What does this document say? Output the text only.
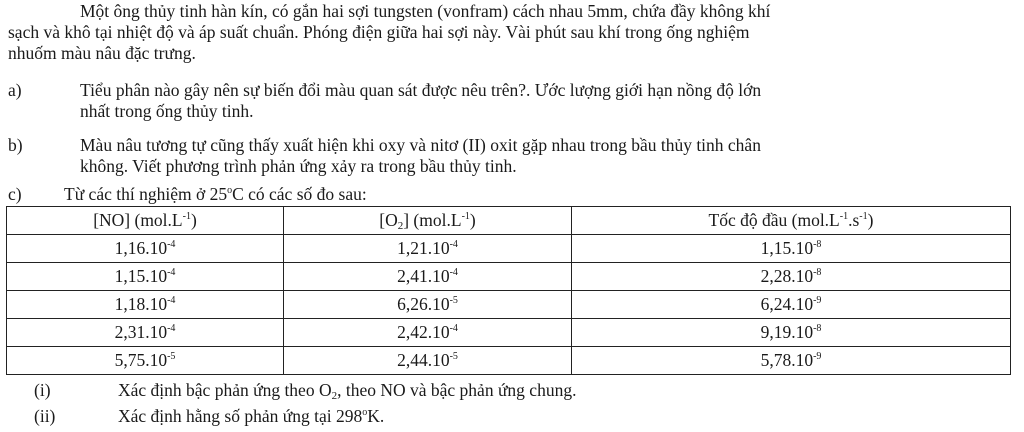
Một ông thủy tinh hàn kín, có gắn hai sợi tungsten (vonfram) cách nhau 5mm, chứa đầy không khí
sạch và khô tại nhiệt độ và áp suất chuẩn. Phóng điện giữa hai sợi này. Vài phút sau khí trong ống nghiệm
nhuốm màu nâu đặc trưng.
a)	Tiểu phân nào gây nên sự biến đổi màu quan sát được nêu trên?. Ước lượng giới hạn nồng độ lớn
nhất trong ống thủy tinh.
b)	Màu nâu tương tự cũng thấy xuất hiện khi oxy và nitơ (II) oxit gặp nhau trong bầu thủy tinh chân
không. Viết phương trình phản ứng xảy ra trong bầu thủy tinh.
c) Từ các thí nghiệm ở 25$^o$C có các số đo sau:
[NO] $(mol.L^{-1})$	$[O_2]$ $(mol.L^{-1})$	Tốc độ đầu $(mol.L^{-1}.s^{-1})$
$1,16.10^{-4}$	$1,21.10^{-4}$	$1,15.10^{-8}$
$1,15.10^{-4}$	$2,41.10^{-4}$	$2,28.10^{-8}$
$1,18.10^{-4}$	$6,26.10^{-5}$	$6,24.10^{-9}$
$2,31.10^{-4}$	$2,42.10^{-4}$	$9,19.10^{-8}$
$5,75.10^{-5}$	$2,44.10^{-5}$	$5,78.10^{-9}$
(i)	Xác định bậc phản ứng theo $O_2$, theo NO và bậc phản ứng chung.
(ii)	Xác định hằng số phản ứng tại 298$^o$K.
